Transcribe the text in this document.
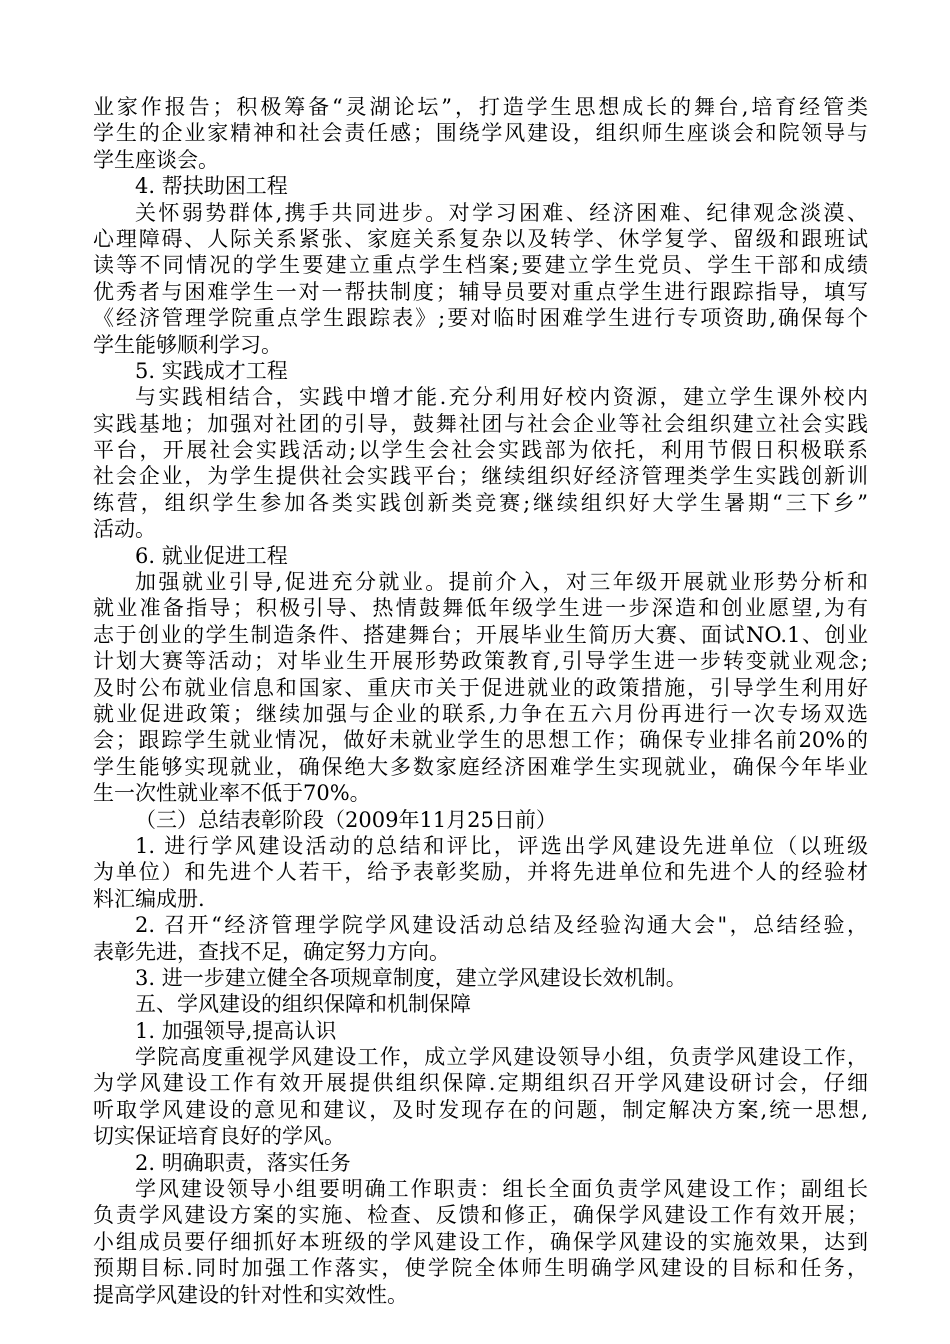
业家作报告；积极筹备“灵湖论坛”，打造学生思想成长的舞台,培育经管类
学生的企业家精神和社会责任感；围绕学风建设，组织师生座谈会和院领导与
学生座谈会。
4. 帮扶助困工程
关怀弱势群体,携手共同进步。对学习困难、经济困难、纪律观念淡漠、
心理障碍、人际关系紧张、家庭关系复杂以及转学、休学复学、留级和跟班试
读等不同情况的学生要建立重点学生档案;要建立学生党员、学生干部和成绩
优秀者与困难学生一对一帮扶制度；辅导员要对重点学生进行跟踪指导，填写
《经济管理学院重点学生跟踪表》;要对临时困难学生进行专项资助,确保每个
学生能够顺利学习。
5. 实践成才工程
与实践相结合，实践中增才能.充分利用好校内资源，建立学生课外校内
实践基地；加强对社团的引导，鼓舞社团与社会企业等社会组织建立社会实践
平台，开展社会实践活动;以学生会社会实践部为依托，利用节假日积极联系
社会企业，为学生提供社会实践平台；继续组织好经济管理类学生实践创新训
练营，组织学生参加各类实践创新类竞赛;继续组织好大学生暑期“三下乡”
活动。
6. 就业促进工程
加强就业引导,促进充分就业。提前介入，对三年级开展就业形势分析和
就业准备指导；积极引导、热情鼓舞低年级学生进一步深造和创业愿望,为有
志于创业的学生制造条件、搭建舞台；开展毕业生简历大赛、面试NO.1、创业
计划大赛等活动；对毕业生开展形势政策教育,引导学生进一步转变就业观念;
及时公布就业信息和国家、重庆市关于促进就业的政策措施，引导学生利用好
就业促进政策；继续加强与企业的联系,力争在五六月份再进行一次专场双选
会；跟踪学生就业情况，做好未就业学生的思想工作；确保专业排名前20%的
学生能够实现就业，确保绝大多数家庭经济困难学生实现就业，确保今年毕业
生一次性就业率不低于70%。
（三）总结表彰阶段（2009年11月25日前）
1. 进行学风建设活动的总结和评比，评选出学风建设先进单位（以班级
为单位）和先进个人若干，给予表彰奖励，并将先进单位和先进个人的经验材
料汇编成册.
2. 召开“经济管理学院学风建设活动总结及经验沟通大会"，总结经验，
表彰先进，查找不足，确定努力方向。
3. 进一步建立健全各项规章制度，建立学风建设长效机制。
五、学风建设的组织保障和机制保障
1. 加强领导,提高认识
学院高度重视学风建设工作，成立学风建设领导小组，负责学风建设工作，
为学风建设工作有效开展提供组织保障.定期组织召开学风建设研讨会，仔细
听取学风建设的意见和建议，及时发现存在的问题，制定解决方案,统一思想,
切实保证培育良好的学风。
2. 明确职责，落实任务
学风建设领导小组要明确工作职责：组长全面负责学风建设工作；副组长
负责学风建设方案的实施、检查、反馈和修正，确保学风建设工作有效开展；
小组成员要仔细抓好本班级的学风建设工作，确保学风建设的实施效果，达到
预期目标.同时加强工作落实，使学院全体师生明确学风建设的目标和任务，
提高学风建设的针对性和实效性。
